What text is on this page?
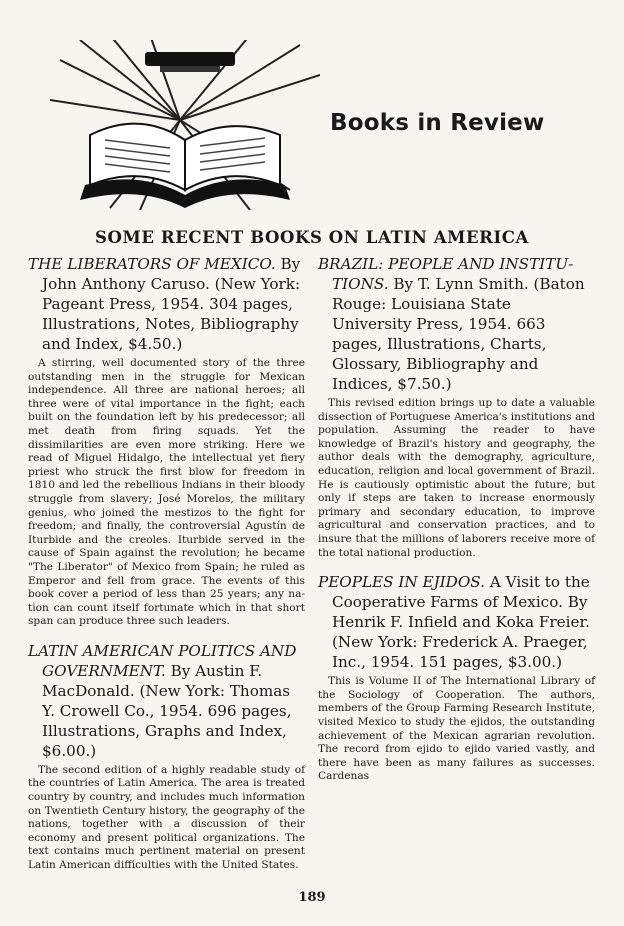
Books in Review
SOME RECENT BOOKS ON LATIN AMERICA

THE LIBERATORS OF MEXICO. By John Anthony Caruso. (New York: Pageant Press, 1954. 304 pages, Illustrations, Notes, Bibliography and Index, $4.50.)

A stirring, well documented story of the three outstanding men in the struggle for Mexican independence. All three are national heroes; all three were of vital importance in the fight; each built on the foundation left by his predecessor; all met death from firing squads. Yet the dissimilarities are even more striking. Here we read of Miguel Hidalgo, the intellectual yet fiery priest who struck the first blow for freedom in 1810 and led the rebellious Indians in their bloody struggle from slavery; José Morelos, the military genius, who joined the mestizos to the fight for freedom; and finally, the controversial Agustín de Iturbide and the creoles. Iturbide served in the cause of Spain against the revolution; he became "The Liberator" of Mexico from Spain; he ruled as Emperor and fell from grace. The events of this book cover a period of less than 25 years; any nation can count itself fortunate which in that short span can produce three such leaders.

LATIN AMERICAN POLITICS AND GOVERNMENT. By Austin F. MacDonald. (New York: Thomas Y. Crowell Co., 1954. 696 pages, Illustrations, Graphs and Index, $6.00.)

The second edition of a highly readable study of the countries of Latin America. The area is treated country by country, and includes much information on Twentieth Century history, the geography of the nations, together with a discussion of their economy and present political organizations. The text contains much pertinent material on present Latin American difficulties with the United States.

BRAZIL: PEOPLE AND INSTITUTIONS. By T. Lynn Smith. (Baton Rouge: Louisiana State University Press, 1954. 663 pages, Illustrations, Charts, Glossary, Bibliography and Indices, $7.50.)

This revised edition brings up to date a valuable dissection of Portuguese America's institutions and population. Assuming the reader to have knowledge of Brazil's history and geography, the author deals with the demography, agriculture, education, religion and local government of Brazil. He is cautiously optimistic about the future, but only if steps are taken to increase enormously primary and secondary education, to improve agricultural and conservation practices, and to insure that the millions of laborers receive more of the total national production.

PEOPLES IN EJIDOS. A Visit to the Cooperative Farms of Mexico. By Henrik F. Infield and Koka Freier. (New York: Frederick A. Praeger, Inc., 1954. 151 pages, $3.00.)

This is Volume II of The International Library of the Sociology of Cooperation. The authors, members of the Group Farming Research Institute, visited Mexico to study the ejidos, the outstanding achievement of the Mexican agrarian revolution. The record from ejido to ejido varied vastly, and there have been as many failures as successes. Cardenas

189
